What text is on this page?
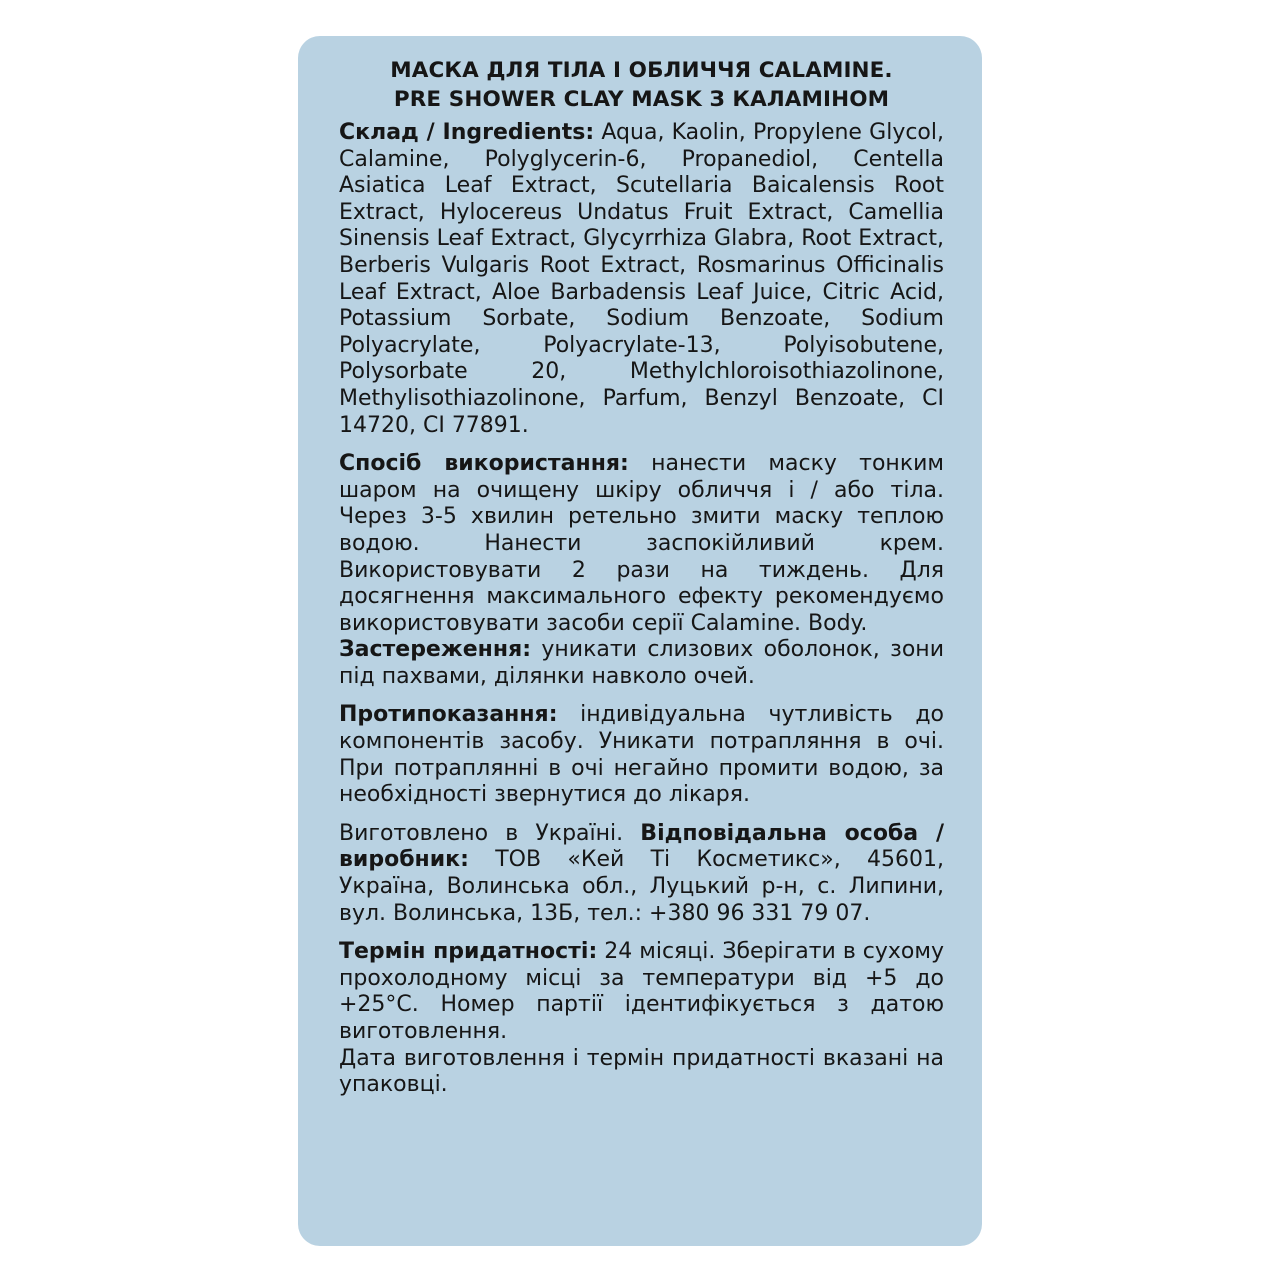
МАСКА ДЛЯ ТІЛА І ОБЛИЧЧЯ CALAMINE.
PRE SHOWER CLAY MASK З КАЛАМІНОМ

Склад / Ingredients: Aqua, Kaolin, Propylene Glycol, Calamine, Polyglycerin-6, Propanediol, Centella Asiatica Leaf Extract, Scutellaria Baicalensis Root Extract, Hylocereus Undatus Fruit Extract, Camellia Sinensis Leaf Extract, Glycyrrhiza Glabra, Root Extract, Berberis Vulgaris Root Extract, Rosmarinus Officinalis Leaf Extract, Aloe Barbadensis Leaf Juice, Citric Acid, Potassium Sorbate, Sodium Benzoate, Sodium Polyacrylate, Polyacrylate-13, Polyisobutene, Polysorbate 20, Methylchloroisothiazolinone, Methylisothiazolinone, Parfum, Benzyl Benzoate, CI 14720, CI 77891.

Спосіб використання: нанести маску тонким шаром на очищену шкіру обличчя і / або тіла. Через 3-5 хвилин ретельно змити маску теплою водою. Нанести заспокійливий крем. Використовувати 2 рази на тиждень. Для досягнення максимального ефекту рекомендуємо використовувати засоби серії Calamine. Body.

Застереження: уникати слизових оболонок, зони під пахвами, ділянки навколо очей.

Протипоказання: індивідуальна чутливість до компонентів засобу. Уникати потрапляння в очі. При потраплянні в очі негайно промити водою, за необхідності звернутися до лікаря.

Виготовлено в Україні. Відповідальна особа / виробник: ТОВ «Кей Ті Косметикс», 45601, Україна, Волинська обл., Луцький р-н, с. Липини, вул. Волинська, 13Б, тел.: +380 96 331 79 07.

Термін придатності: 24 місяці. Зберігати в сухому прохолодному місці за температури від +5 до +25°С. Номер партії ідентифікується з датою виготовлення.

Дата виготовлення і термін придатності вказані на упаковці.
